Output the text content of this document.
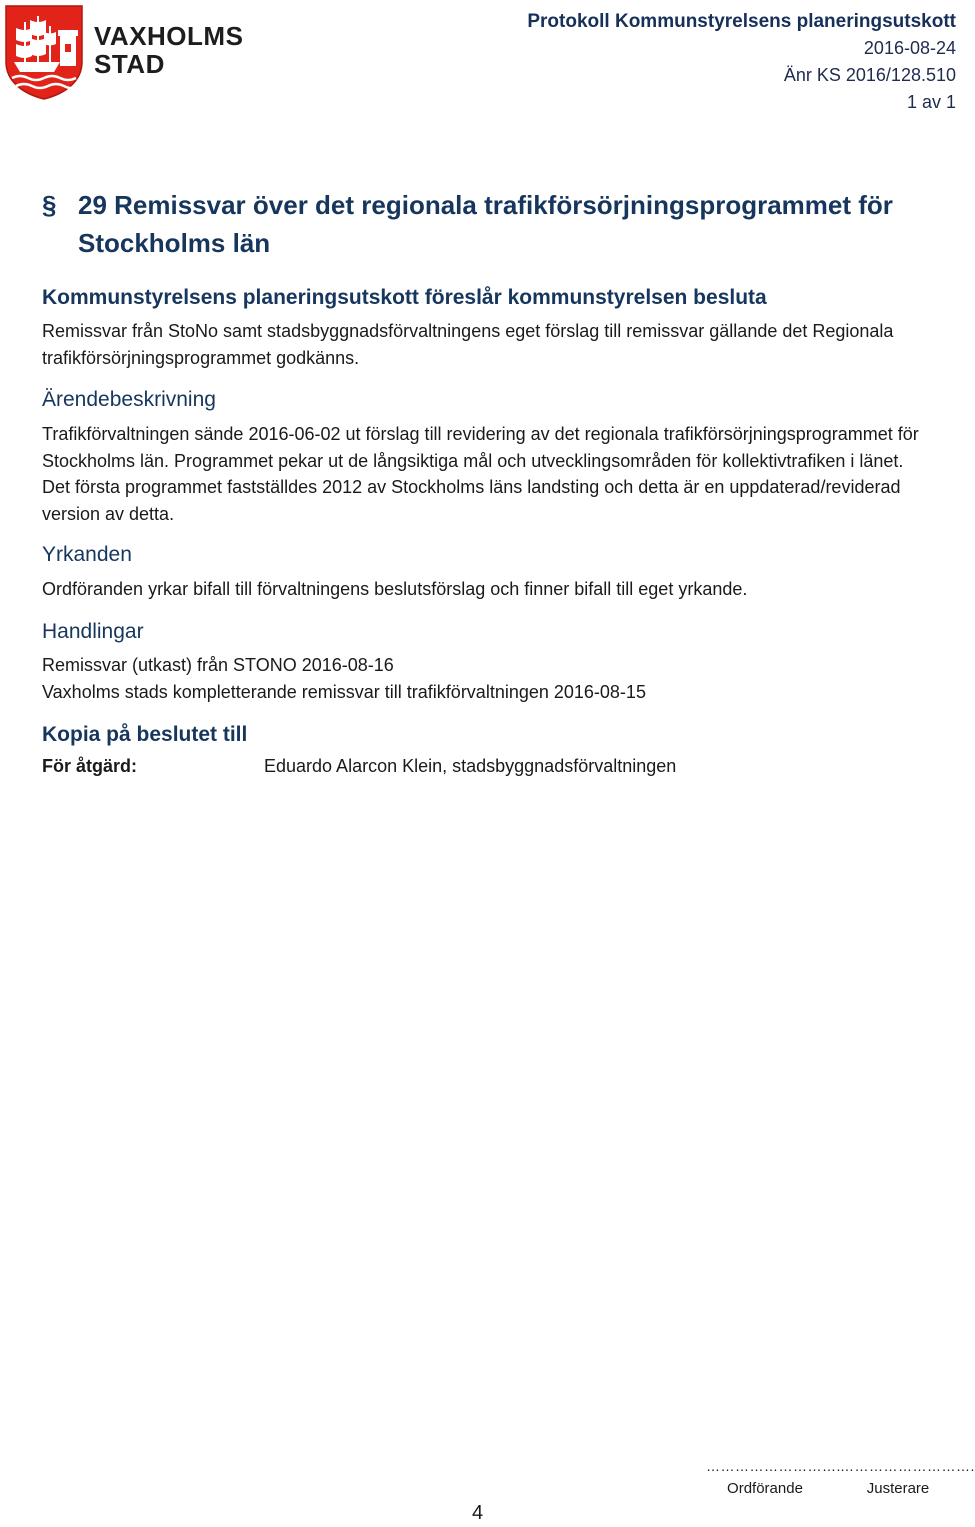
VAXHOLMS
STAD
Protokoll Kommunstyrelsens planeringsutskott
2016-08-24
Änr KS 2016/128.510
1 av 1
§ 29 Remissvar över det regionala trafikförsörjningsprogrammet för
Stockholms län
Kommunstyrelsens planeringsutskott föreslår kommunstyrelsen besluta
Remissvar från StoNo samt stadsbyggnadsförvaltningens eget förslag till remissvar gällande det Regionala trafikförsörjningsprogrammet godkänns.
Ärendebeskrivning
Trafikförvaltningen sände 2016-06-02 ut förslag till revidering av det regionala trafikförsörjningsprogrammet för Stockholms län. Programmet pekar ut de långsiktiga mål och utvecklingsområden för kollektivtrafiken i länet. Det första programmet fastställdes 2012 av Stockholms läns landsting och detta är en uppdaterad/reviderad version av detta.
Yrkanden
Ordföranden yrkar bifall till förvaltningens beslutsförslag och finner bifall till eget yrkande.
Handlingar
Remissvar (utkast) från STONO 2016-08-16
Vaxholms stads kompletterande remissvar till trafikförvaltningen 2016-08-15
Kopia på beslutet till
För åtgärd:	Eduardo Alarcon Klein, stadsbyggnadsförvaltningen
……………………….
Ordförande
……………………….
Justerare
4
